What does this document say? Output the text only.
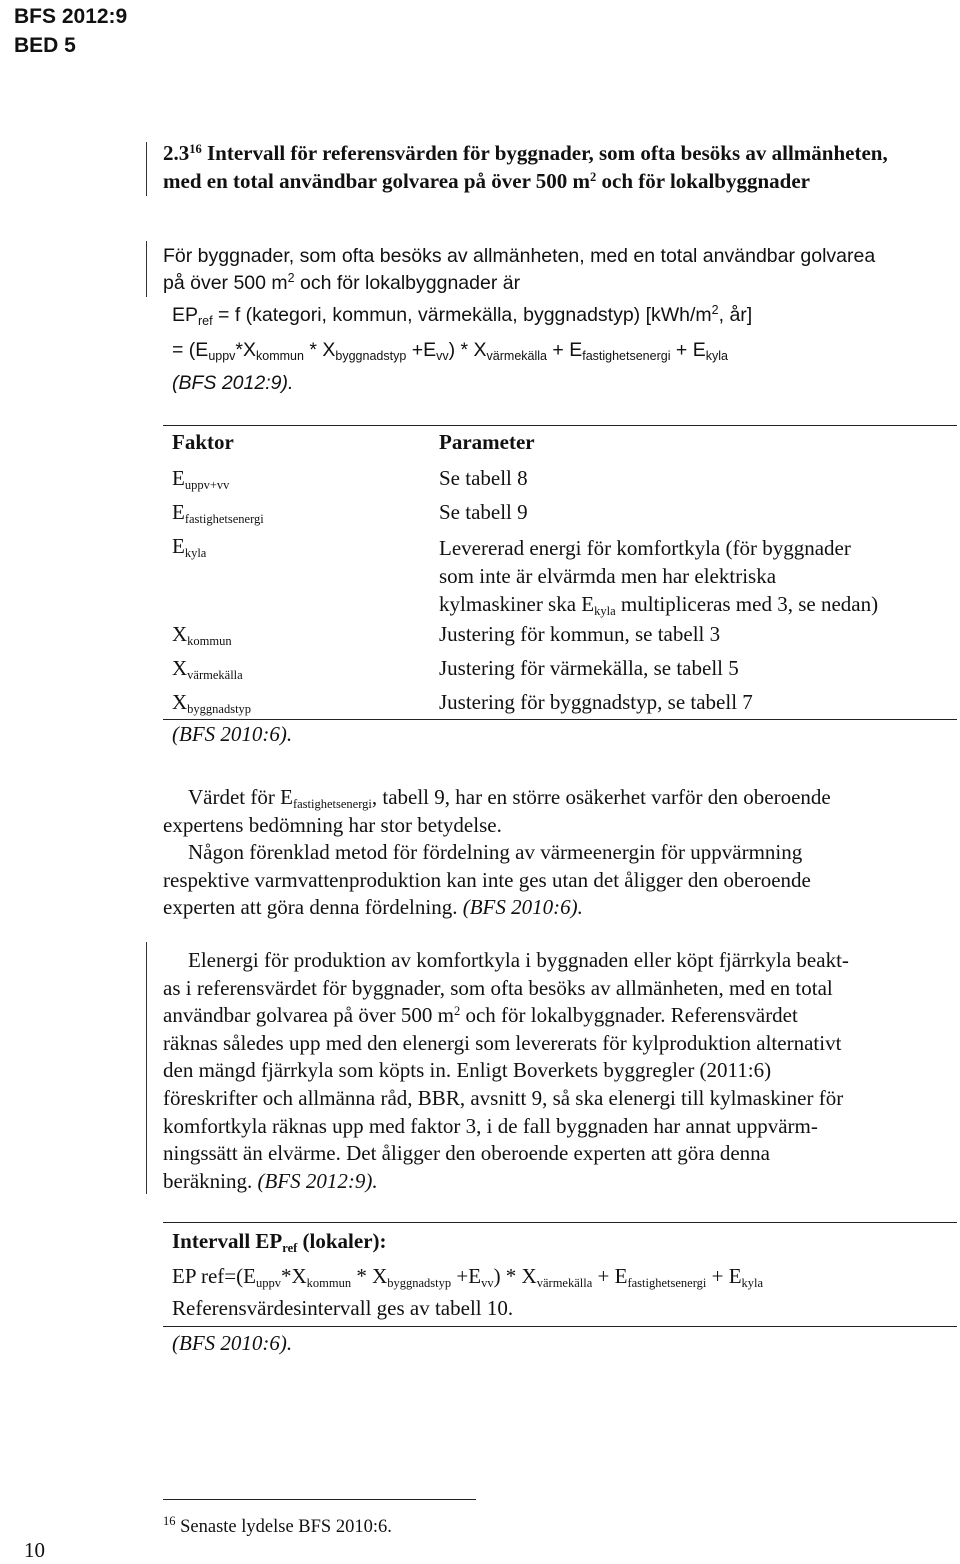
BFS 2012:9
BED 5
$2.3^{16}$ Intervall för referensvärden för byggnader, som ofta besöks av allmänheten, med en total användbar golvarea på över 500 $m^2$ och för lokalbyggnader
För byggnader, som ofta besöks av allmänheten, med en total användbar golvarea
på över 500 $m^2$ och för lokalbyggnader är
$EP_{ref} = f$ (kategori, kommun, värmekälla, byggnadstyp) [$kWh/m^2$, år]
= $(E_{uppv}*X_{kommun} * X_{byggnadstyp} +E_{vv}) * X_{värmekälla} + E_{fastighetsenergi} + E_{kyla}$
(BFS 2012:9).
Faktor	Parameter
$E_{uppv+vv}$	Se tabell 8
$E_{fastighetsenergi}$	Se tabell 9
$E_{kyla}$	Levererad energi för komfortkyla (för byggnader
som inte är elvärmda men har elektriska
kylmaskiner ska $E_{kyla}$ multipliceras med 3, se nedan)
$X_{kommun}$	Justering för kommun, se tabell 3
$X_{värmekälla}$	Justering för värmekälla, se tabell 5
$X_{byggnadstyp}$	Justering för byggnadstyp, se tabell 7
(BFS 2010:6).
Värdet för $E_{fastighetsenergi}$, tabell 9, har en större osäkerhet varför den oberoende
expertens bedömning har stor betydelse.
Någon förenklad metod för fördelning av värmeenergin för uppvärmning
respektive varmvattenproduktion kan inte ges utan det åligger den oberoende
experten att göra denna fördelning. (BFS 2010:6).
Elenergi för produktion av komfortkyla i byggnaden eller köpt fjärrkyla beakt-
as i referensvärdet för byggnader, som ofta besöks av allmänheten, med en total
användbar golvarea på över 500 $m^2$ och för lokalbyggnader. Referensvärdet
räknas således upp med den elenergi som levererats för kylproduktion alternativt
den mängd fjärrkyla som köpts in. Enligt Boverkets byggregler (2011:6)
föreskrifter och allmänna råd, BBR, avsnitt 9, så ska elenergi till kylmaskiner för
komfortkyla räknas upp med faktor 3, i de fall byggnaden har annat uppvärm-
ningssätt än elvärme. Det åligger den oberoende experten att göra denna
beräkning. (BFS 2012:9).
Intervall $EP_{ref}$ (lokaler):
EP $ref=(E_{uppv}*X_{kommun} * X_{byggnadstyp} +E_{vv}) * X_{värmekälla} + E_{fastighetsenergi} + E_{kyla}$
Referensvärdesintervall ges av tabell 10.
(BFS 2010:6).
$^{16}$ Senaste lydelse BFS 2010:6.
10
